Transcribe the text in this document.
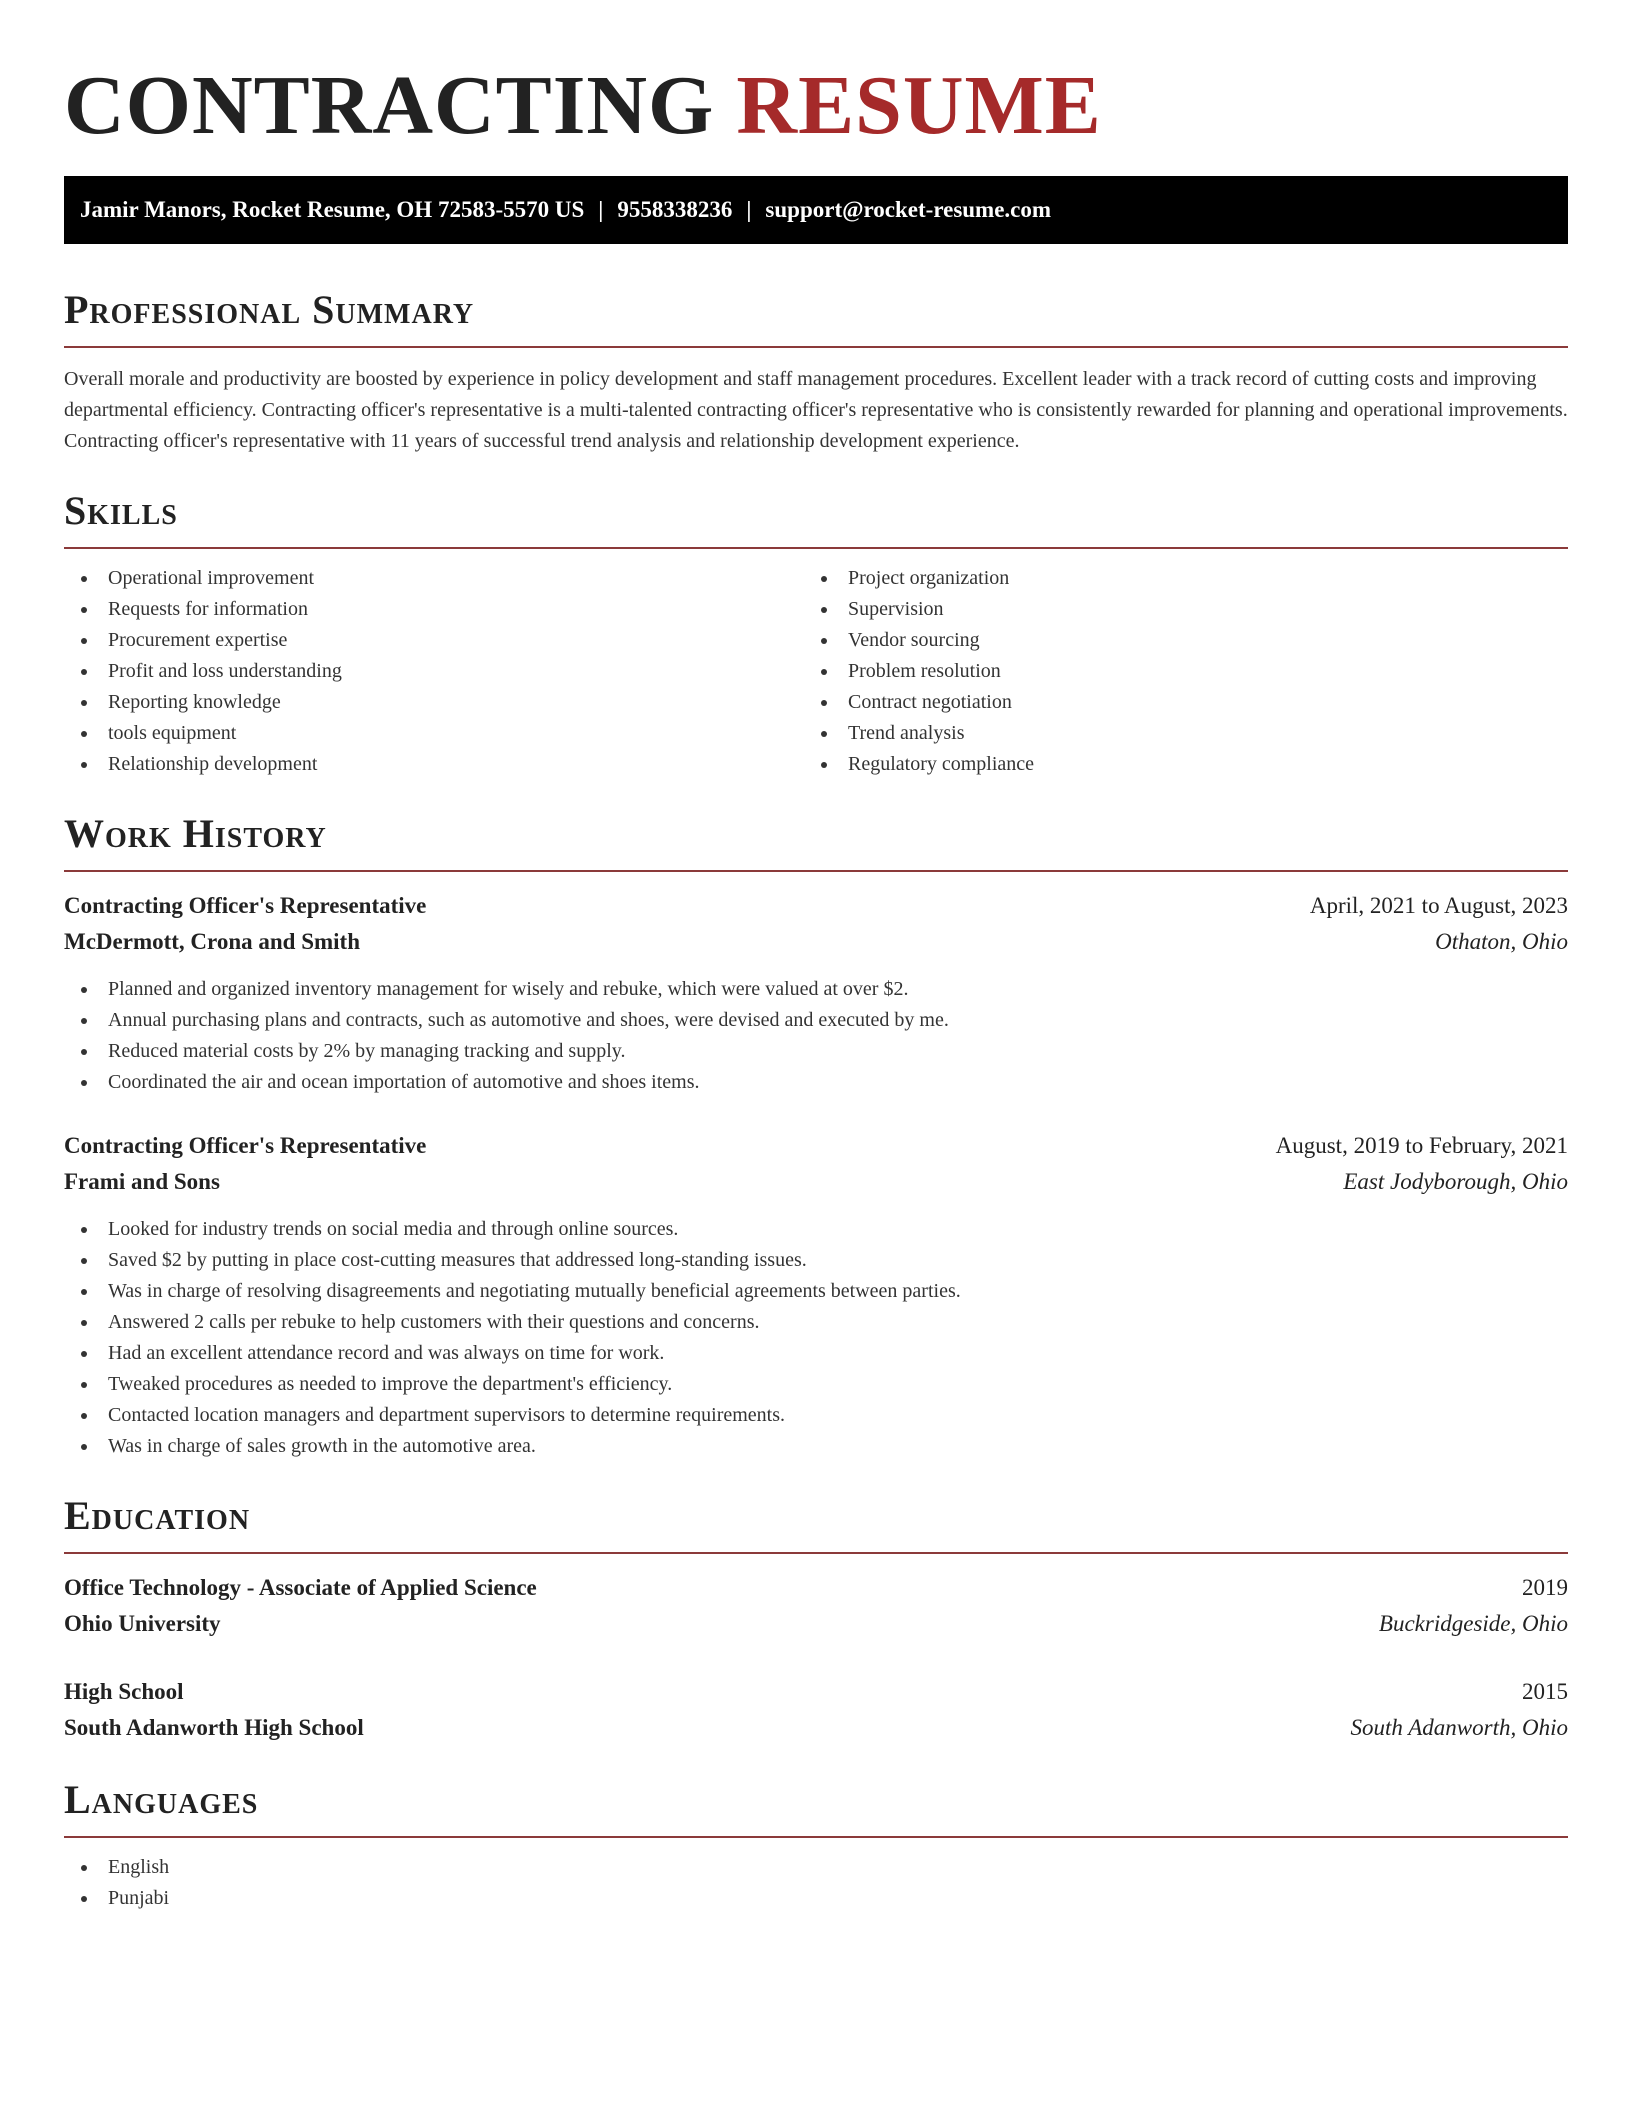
CONTRACTING RESUME
Jamir Manors, Rocket Resume, OH 72583-5570 US | 9558338236 | support@rocket-resume.com
Professional Summary

Overall morale and productivity are boosted by experience in policy development and staff management procedures. Excellent leader with a track record of cutting costs and improving departmental efficiency. Contracting officer's representative is a multi-talented contracting officer's representative who is consistently rewarded for planning and operational improvements. Contracting officer's representative with 11 years of successful trend analysis and relationship development experience.

Skills
Operational improvement
Requests for information
Procurement expertise
Profit and loss understanding
Reporting knowledge
tools equipment
Relationship development
Project organization
Supervision
Vendor sourcing
Problem resolution
Contract negotiation
Trend analysis
Regulatory compliance
Work History
Contracting Officer's Representative	April, 2021 to August, 2023
McDermott, Crona and Smith	Othaton, Ohio
Planned and organized inventory management for wisely and rebuke, which were valued at over $2.
Annual purchasing plans and contracts, such as automotive and shoes, were devised and executed by me.
Reduced material costs by 2% by managing tracking and supply.
Coordinated the air and ocean importation of automotive and shoes items.
Contracting Officer's Representative	August, 2019 to February, 2021
Frami and Sons	East Jodyborough, Ohio
Looked for industry trends on social media and through online sources.
Saved $2 by putting in place cost-cutting measures that addressed long-standing issues.
Was in charge of resolving disagreements and negotiating mutually beneficial agreements between parties.
Answered 2 calls per rebuke to help customers with their questions and concerns.
Had an excellent attendance record and was always on time for work.
Tweaked procedures as needed to improve the department's efficiency.
Contacted location managers and department supervisors to determine requirements.
Was in charge of sales growth in the automotive area.
Education
Office Technology - Associate of Applied Science	2019
Ohio University	Buckridgeside, Ohio
High School	2015
South Adanworth High School	South Adanworth, Ohio
Languages
English
Punjabi
